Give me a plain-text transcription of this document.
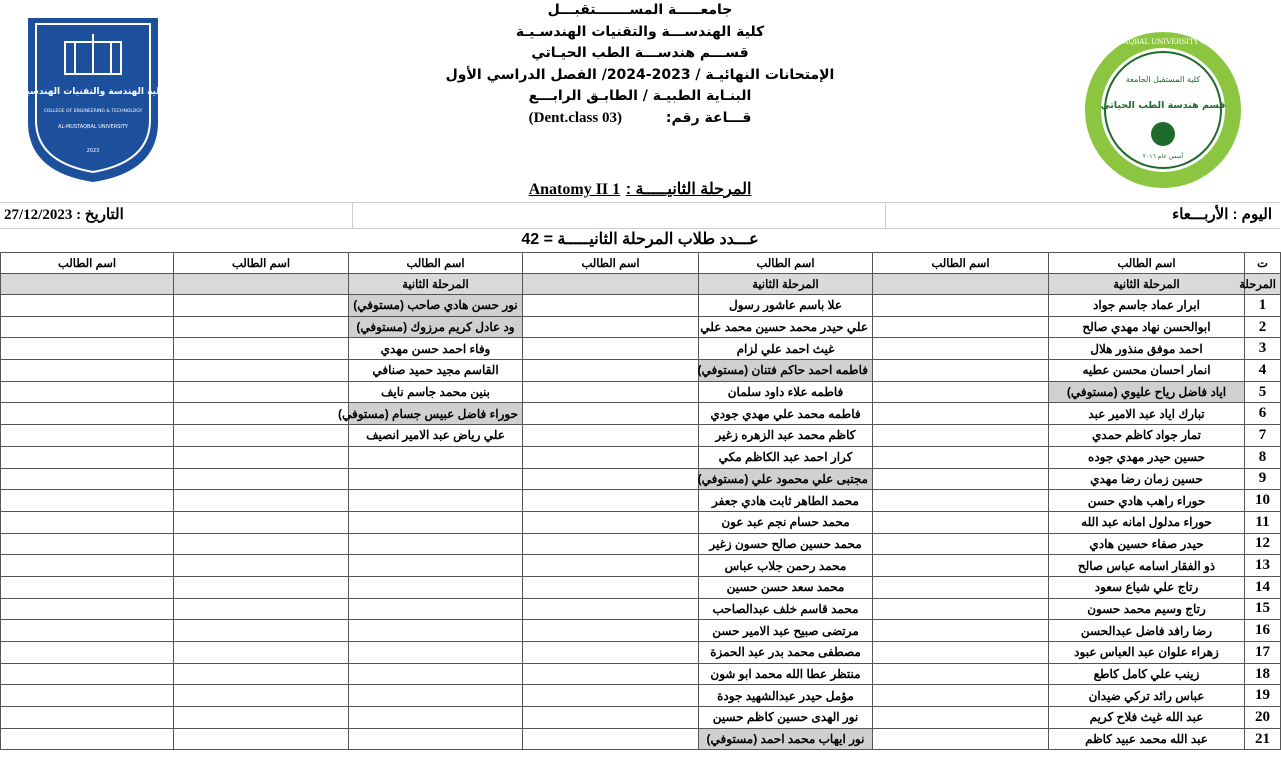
كلية الهندسة والتقنيات الهندسية
COLLEGE OF ENGINEERING & TECHNOLOGY
AL-MUSTAQBAL UNIVERSITY
2023
AL-MUSTAQBAL UNIVERSITY COLLEGE
كلية المستقبل الجامعة
قسم هندسة الطب الحياتي
أسس عام ٢٠١٦
جامعـــــة المســـــــتقبـــل
كلية الهندســـة والتقنيات الهندسـيـة
قســـم هندســـة الطب الحيـاتي
الإمتحانات النهائيـة / 2023-2024/ الفصل الدراسي الأول
البنـاية الطبيـة / الطابـق الرابـــع
قـــاعة رقم:         (Dent.class 03)
المرحلة الثانيـــــة : Anatomy II 1
التاريخ : 27/12/2023	اليوم : الأربـــعاء
عـــدد طلاب المرحلة الثانيـــــة = 42
ت	اسم الطالب	اسم الطالب	اسم الطالب	اسم الطالب	اسم الطالب	اسم الطالب	اسم الطالب
المرحلة	المرحلة الثانية		المرحلة الثانية		المرحلة الثانية		
1	ابرار عماد جاسم جواد		علا باسم عاشور رسول		نور حسن هادي صاحب (مستوفي)		
2	ابوالحسن نهاد مهدي صالح		علي حيدر محمد حسين محمد علي		ود عادل كريم مرزوك (مستوفي)		
3	احمد موفق منذور هلال		غيث احمد علي لزام		وفاء احمد حسن مهدي		
4	انمار احسان محسن عطيه		فاطمه احمد حاكم فتنان (مستوفي)		القاسم مجيد حميد صنافي		
5	اياد فاضل رياح عليوي (مستوفي)		فاطمه علاء داود سلمان		بنين محمد جاسم نايف		
6	تبارك اياد عبد الامير عبد		فاطمه محمد علي مهدي جودي		حوراء فاضل عبيس جسام (مستوفي)		
7	تمار جواد كاظم حمدي		كاظم محمد عبد الزهره زغير		علي رياض عبد الامير انصيف		
8	حسين حيدر مهدي جوده		كرار احمد عبد الكاظم مكي				
9	حسين زمان رضا مهدي		مجتبى علي محمود علي (مستوفي)				
10	حوراء راهب هادي حسن		محمد الطاهر ثابت هادي جعفر				
11	حوراء مدلول امانه عبد الله		محمد حسام نجم عبد عون				
12	حيدر صفاء حسين هادي		محمد حسين صالح حسون زغير				
13	ذو الفقار اسامه عباس صالح		محمد رحمن جلاب عباس				
14	رتاج علي شياع سعود		محمد سعد حسن حسين				
15	رتاج وسيم محمد حسون		محمد قاسم خلف عبدالصاحب				
16	رضا رافد فاضل عبدالحسن		مرتضى صبيح عبد الامير حسن				
17	زهراء علوان عبد العباس عبود		مصطفى محمد بدر عبد الحمزة				
18	زينب علي كامل كاطع		منتظر عطا الله محمد ابو شون				
19	عباس رائد تركي ضيدان		مؤمل حيدر عبدالشهيد جودة				
20	عبد الله غيث فلاح كريم		نور الهدى حسين كاظم حسين				
21	عبد الله محمد عبيد كاظم		نور ايهاب محمد احمد (مستوفي)				
